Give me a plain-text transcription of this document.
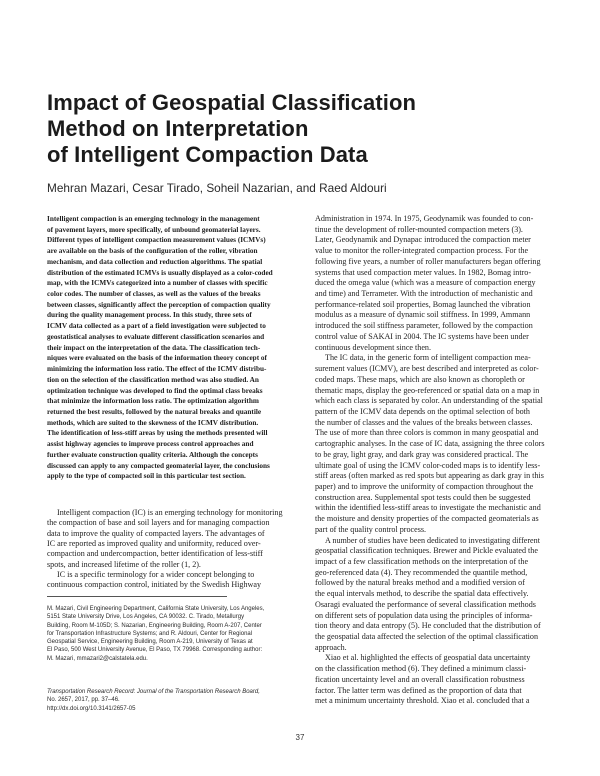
Impact of Geospatial Classification
Method on Interpretation
of Intelligent Compaction Data
Mehran Mazari, Cesar Tirado, Soheil Nazarian, and Raed Aldouri
Intelligent compaction is an emerging technology in the management
of pavement layers, more specifically, of unbound geomaterial layers.
Different types of intelligent compaction measurement values (ICMVs)
are available on the basis of the configuration of the roller, vibration
mechanism, and data collection and reduction algorithms. The spatial
distribution of the estimated ICMVs is usually displayed as a color-coded
map, with the ICMVs categorized into a number of classes with specific
color codes. The number of classes, as well as the values of the breaks
between classes, significantly affect the perception of compaction quality
during the quality management process. In this study, three sets of
ICMV data collected as a part of a field investigation were subjected to
geostatistical analyses to evaluate different classification scenarios and
their impact on the interpretation of the data. The classification tech-
niques were evaluated on the basis of the information theory concept of
minimizing the information loss ratio. The effect of the ICMV distribu-
tion on the selection of the classification method was also studied. An
optimization technique was developed to find the optimal class breaks
that minimize the information loss ratio. The optimization algorithm
returned the best results, followed by the natural breaks and quantile
methods, which are suited to the skewness of the ICMV distribution.
The identification of less-stiff areas by using the methods presented will
assist highway agencies to improve process control approaches and
further evaluate construction quality criteria. Although the concepts
discussed can apply to any compacted geomaterial layer, the conclusions
apply to the type of compacted soil in this particular test section.
Intelligent compaction (IC) is an emerging technology for monitoring
the compaction of base and soil layers and for managing compaction
data to improve the quality of compacted layers. The advantages of
IC are reported as improved quality and uniformity, reduced over-
compaction and undercompaction, better identification of less-stiff
spots, and increased lifetime of the roller (1, 2).
IC is a specific terminology for a wider concept belonging to
continuous compaction control, initiated by the Swedish Highway
M. Mazari, Civil Engineering Department, California State University, Los Angeles,
5151 State University Drive, Los Angeles, CA 90032. C. Tirado, Metallurgy
Building, Room M-105D; S. Nazarian, Engineering Building, Room A-207, Center
for Transportation Infrastructure Systems; and R. Aldouri, Center for Regional
Geospatial Service, Engineering Building, Room A-219, University of Texas at
El Paso, 500 West University Avenue, El Paso, TX 79968. Corresponding author:
M. Mazari, mmazari2@calstatela.edu.
Transportation Research Record: Journal of the Transportation Research Board,
No. 2657, 2017, pp. 37–46.
http://dx.doi.org/10.3141/2657-05
Administration in 1974. In 1975, Geodynamik was founded to con-
tinue the development of roller-mounted compaction meters (3).
Later, Geodynamik and Dynapac introduced the compaction meter
value to monitor the roller-integrated compaction process. For the
following five years, a number of roller manufacturers began offering
systems that used compaction meter values. In 1982, Bomag intro-
duced the omega value (which was a measure of compaction energy
and time) and Terrameter. With the introduction of mechanistic and
performance-related soil properties, Bomag launched the vibration
modulus as a measure of dynamic soil stiffness. In 1999, Ammann
introduced the soil stiffness parameter, followed by the compaction
control value of SAKAI in 2004. The IC systems have been under
continuous development since then.
The IC data, in the generic form of intelligent compaction mea-
surement values (ICMV), are best described and interpreted as color-
coded maps. These maps, which are also known as choropleth or
thematic maps, display the geo-referenced or spatial data on a map in
which each class is separated by color. An understanding of the spatial
pattern of the ICMV data depends on the optimal selection of both
the number of classes and the values of the breaks between classes.
The use of more than three colors is common in many geospatial and
cartographic analyses. In the case of IC data, assigning the three colors
to be gray, light gray, and dark gray was considered practical. The
ultimate goal of using the ICMV color-coded maps is to identify less-
stiff areas (often marked as red spots but appearing as dark gray in this
paper) and to improve the uniformity of compaction throughout the
construction area. Supplemental spot tests could then be suggested
within the identified less-stiff areas to investigate the mechanistic and
the moisture and density properties of the compacted geomaterials as
part of the quality control process.
A number of studies have been dedicated to investigating different
geospatial classification techniques. Brewer and Pickle evaluated the
impact of a few classification methods on the interpretation of the
geo-referenced data (4). They recommended the quantile method,
followed by the natural breaks method and a modified version of
the equal intervals method, to describe the spatial data effectively.
Osaragi evaluated the performance of several classification methods
on different sets of population data using the principles of informa-
tion theory and data entropy (5). He concluded that the distribution of
the geospatial data affected the selection of the optimal classification
approach.
Xiao et al. highlighted the effects of geospatial data uncertainty
on the classification method (6). They defined a minimum classi-
fication uncertainty level and an overall classification robustness
factor. The latter term was defined as the proportion of data that
met a minimum uncertainty threshold. Xiao et al. concluded that a
37
